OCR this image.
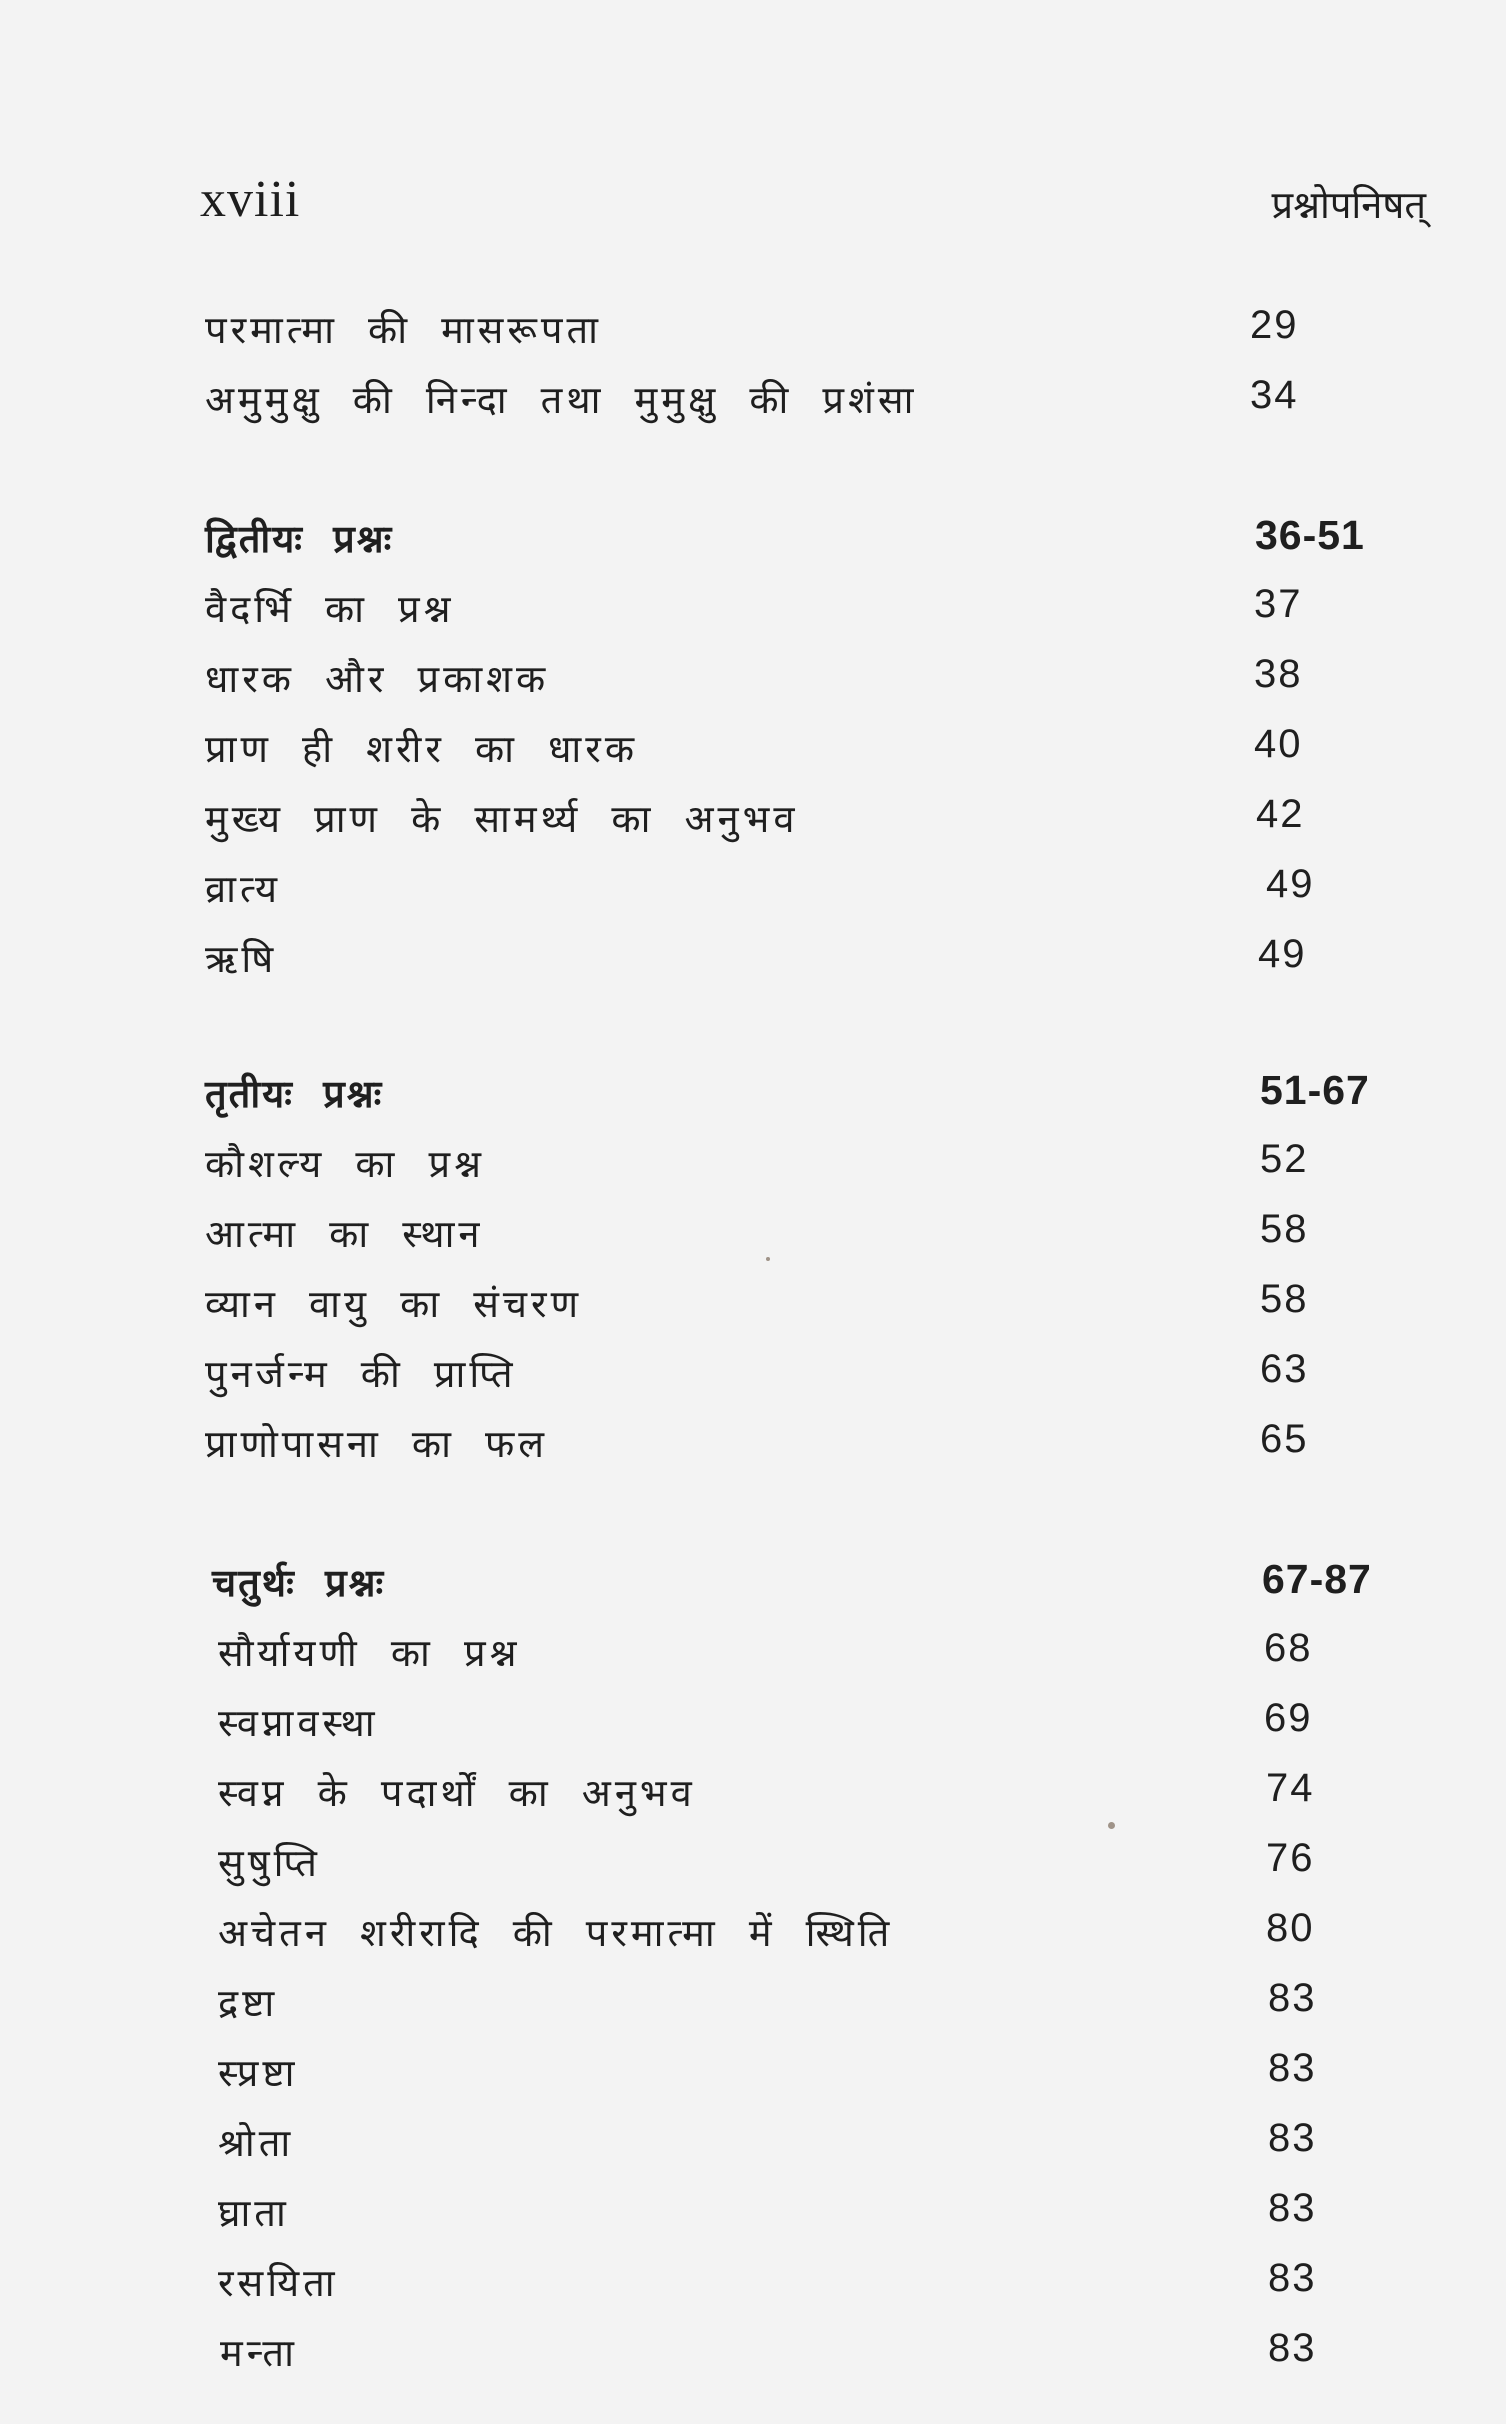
xviii	प्रश्नोपनिषत्
परमात्मा की मासरूपता	29
अमुमुक्षु की निन्दा तथा मुमुक्षु की प्रशंसा	34
द्वितीयः प्रश्नः	36-51
वैदर्भि का प्रश्न	37
धारक और प्रकाशक	38
प्राण ही शरीर का धारक	40
मुख्य प्राण के सामर्थ्य का अनुभव	42
व्रात्य	49
ऋषि	49
तृतीयः प्रश्नः	51-67
कौशल्य का प्रश्न	52
आत्मा का स्थान	58
व्यान वायु का संचरण	58
पुनर्जन्म की प्राप्ति	63
प्राणोपासना का फल	65
चतुर्थः प्रश्नः	67-87
सौर्यायणी का प्रश्न	68
स्वप्नावस्था	69
स्वप्न के पदार्थों का अनुभव	74
सुषुप्ति	76
अचेतन शरीरादि की परमात्मा में स्थिति	80
द्रष्टा	83
स्प्रष्टा	83
श्रोता	83
घ्राता	83
रसयिता	83
मन्ता	83
